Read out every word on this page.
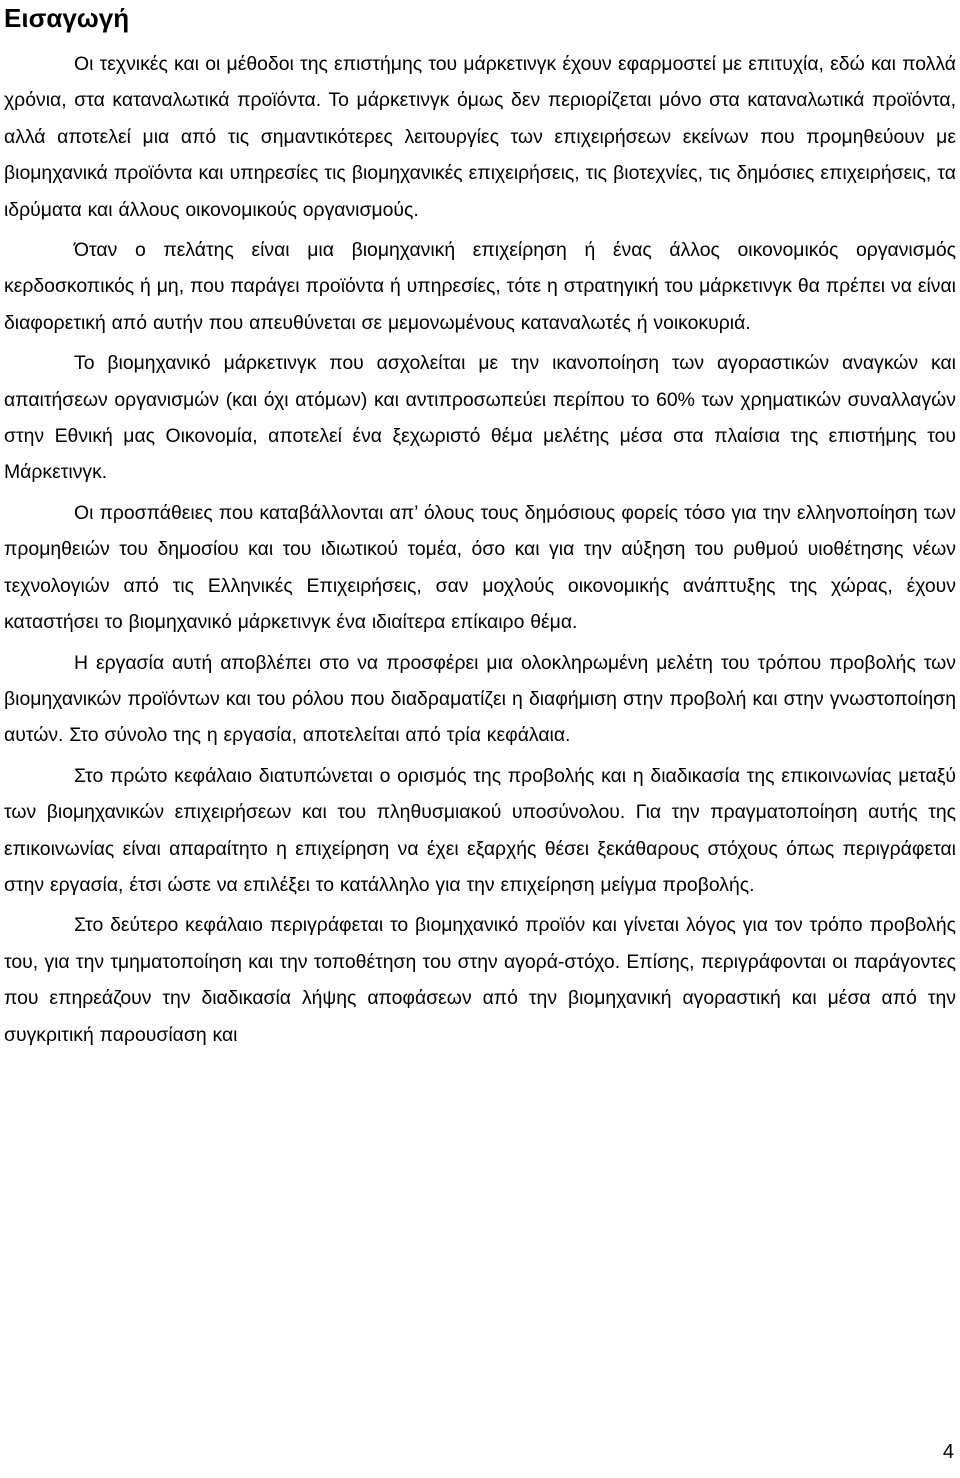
Εισαγωγή

Οι τεχνικές και οι μέθοδοι της επιστήμης του μάρκετινγκ έχουν εφαρμοστεί με επιτυχία, εδώ και πολλά χρόνια, στα καταναλωτικά προϊόντα. Το μάρκετινγκ όμως δεν περιορίζεται μόνο στα καταναλωτικά προϊόντα, αλλά αποτελεί μια από τις σημαντικότερες λειτουργίες των επιχειρήσεων εκείνων που προμηθεύουν με βιομηχανικά προϊόντα και υπηρεσίες τις βιομηχανικές επιχειρήσεις, τις βιοτεχνίες, τις δημόσιες επιχειρήσεις, τα ιδρύματα και άλλους οικονομικούς οργανισμούς.

Όταν ο πελάτης είναι μια βιομηχανική επιχείρηση ή ένας άλλος οικονομικός οργανισμός κερδοσκοπικός ή μη, που παράγει προϊόντα ή υπηρεσίες, τότε η στρατηγική του μάρκετινγκ θα πρέπει να είναι διαφορετική από αυτήν που απευθύνεται σε μεμονωμένους καταναλωτές ή νοικοκυριά.

Το βιομηχανικό μάρκετινγκ που ασχολείται με την ικανοποίηση των αγοραστικών αναγκών και απαιτήσεων οργανισμών (και όχι ατόμων) και αντιπροσωπεύει περίπου το 60% των χρηματικών συναλλαγών στην Εθνική μας Οικονομία, αποτελεί ένα ξεχωριστό θέμα μελέτης μέσα στα πλαίσια της επιστήμης του Μάρκετινγκ.

Οι προσπάθειες που καταβάλλονται απ’ όλους τους δημόσιους φορείς τόσο για την ελληνοποίηση των προμηθειών του δημοσίου και του ιδιωτικού τομέα, όσο και για την αύξηση του ρυθμού υιοθέτησης νέων τεχνολογιών από τις Ελληνικές Επιχειρήσεις, σαν μοχλούς οικονομικής ανάπτυξης της χώρας, έχουν καταστήσει το βιομηχανικό μάρκετινγκ ένα ιδιαίτερα επίκαιρο θέμα.

Η εργασία αυτή αποβλέπει στο να προσφέρει μια ολοκληρωμένη μελέτη του τρόπου προβολής των βιομηχανικών προϊόντων και του ρόλου που διαδραματίζει η διαφήμιση στην προβολή και στην γνωστοποίηση αυτών. Στο σύνολο της η εργασία, αποτελείται από τρία κεφάλαια.

Στο πρώτο κεφάλαιο διατυπώνεται ο ορισμός της προβολής και η διαδικασία της επικοινωνίας μεταξύ των βιομηχανικών επιχειρήσεων και του πληθυσμιακού υποσύνολου. Για την πραγματοποίηση αυτής της επικοινωνίας είναι απαραίτητο η επιχείρηση να έχει εξαρχής θέσει ξεκάθαρους στόχους όπως περιγράφεται στην εργασία, έτσι ώστε να επιλέξει το κατάλληλο για την επιχείρηση μείγμα προβολής.

Στο δεύτερο κεφάλαιο περιγράφεται το βιομηχανικό προϊόν και γίνεται λόγος για τον τρόπο προβολής του, για την τμηματοποίηση και την τοποθέτηση του στην αγορά-στόχο. Επίσης, περιγράφονται οι παράγοντες που επηρεάζουν την διαδικασία λήψης αποφάσεων από την βιομηχανική αγοραστική και μέσα από την συγκριτική παρουσίαση και

4
